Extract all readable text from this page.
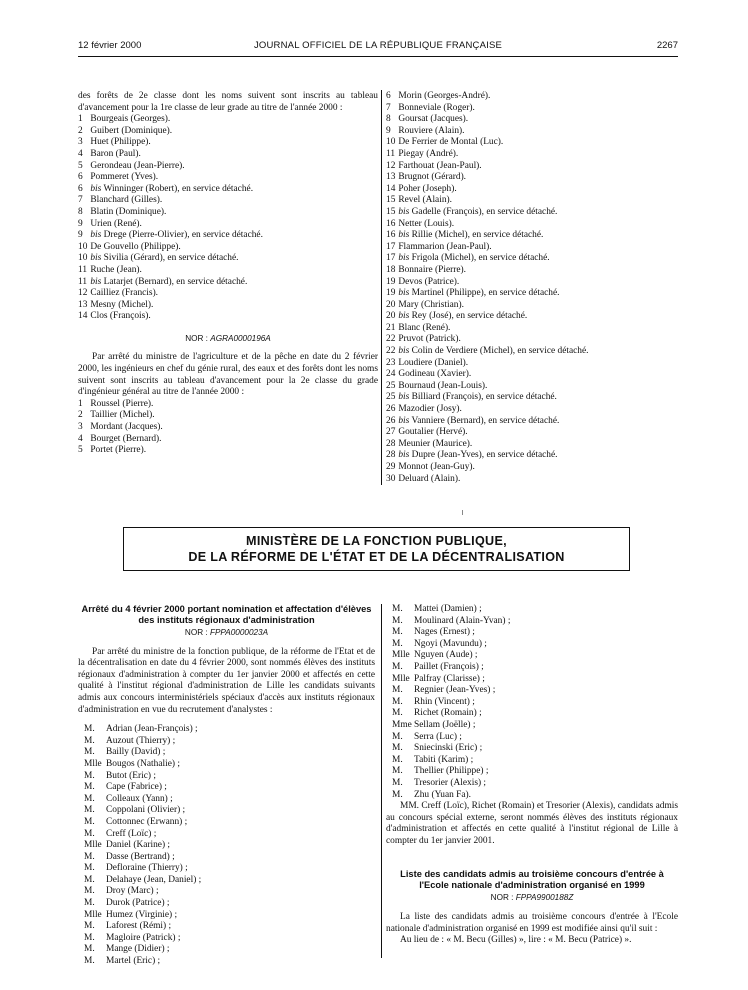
12 février 2000	JOURNAL OFFICIEL DE LA RÉPUBLIQUE FRANÇAISE	2267

des forêts de 2e classe dont les noms suivent sont inscrits au tableau d'avancement pour la 1re classe de leur grade au titre de l'année 2000 :

1 Bourgeais (Georges).
2 Guibert (Dominique).
3 Huet (Philippe).
4 Baron (Paul).
5 Gerondeau (Jean-Pierre).
6 Pommeret (Yves).
6 bis Winninger (Robert), en service détaché.
7 Blanchard (Gilles).
8 Blatin (Dominique).
9 Urien (René).
9 bis Drege (Pierre-Olivier), en service détaché.
10 De Gouvello (Philippe).
10 bis Sivilia (Gérard), en service détaché.
11 Ruche (Jean).
11 bis Latarjet (Bernard), en service détaché.
12 Cailliez (Francis).
13 Mesny (Michel).
14 Clos (François).
NOR : AGRA0000196A

Par arrêté du ministre de l'agriculture et de la pêche en date du 2 février 2000, les ingénieurs en chef du génie rural, des eaux et des forêts dont les noms suivent sont inscrits au tableau d'avancement pour la 2e classe du grade d'ingénieur général au titre de l'année 2000 :

1 Roussel (Pierre).
2 Taillier (Michel).
3 Mordant (Jacques).
4 Bourget (Bernard).
5 Portet (Pierre).
6 Morin (Georges-André).
7 Bonneviale (Roger).
8 Goursat (Jacques).
9 Rouviere (Alain).
10 De Ferrier de Montal (Luc).
11 Piegay (André).
12 Farthouat (Jean-Paul).
13 Brugnot (Gérard).
14 Poher (Joseph).
15 Revel (Alain).
15 bis Gadelle (François), en service détaché.
16 Netter (Louis).
16 bis Rillie (Michel), en service détaché.
17 Flammarion (Jean-Paul).
17 bis Frigola (Michel), en service détaché.
18 Bonnaire (Pierre).
19 Devos (Patrice).
19 bis Martinel (Philippe), en service détaché.
20 Mary (Christian).
20 bis Rey (José), en service détaché.
21 Blanc (René).
22 Pruvot (Patrick).
22 bis Colin de Verdiere (Michel), en service détaché.
23 Loudiere (Daniel).
24 Godineau (Xavier).
25 Bournaud (Jean-Louis).
25 bis Billiard (François), en service détaché.
26 Mazodier (Josy).
26 bis Vanniere (Bernard), en service détaché.
27 Goutalier (Hervé).
28 Meunier (Maurice).
28 bis Dupre (Jean-Yves), en service détaché.
29 Monnot (Jean-Guy).
30 Deluard (Alain).
MINISTÈRE DE LA FONCTION PUBLIQUE,
DE LA RÉFORME DE L'ÉTAT ET DE LA DÉCENTRALISATION
Arrêté du 4 février 2000 portant nomination et affectation d'élèves des instituts régionaux d'administration
NOR : FPPA0000023A

Par arrêté du ministre de la fonction publique, de la réforme de l'Etat et de la décentralisation en date du 4 février 2000, sont nommés élèves des instituts régionaux d'administration à compter du 1er janvier 2000 et affectés en cette qualité à l'institut régional d'administration de Lille les candidats suivants admis aux concours interministériels spéciaux d'accès aux instituts régionaux d'administration en vue du recrutement d'analystes :

M. Adrian (Jean-François) ;
M. Auzout (Thierry) ;
M. Bailly (David) ;
Mlle Bougos (Nathalie) ;
M. Butot (Eric) ;
M. Cape (Fabrice) ;
M. Colleaux (Yann) ;
M. Coppolani (Olivier) ;
M. Cottonnec (Erwann) ;
M. Creff (Loïc) ;
Mlle Daniel (Karine) ;
M. Dasse (Bertrand) ;
M. Defloraine (Thierry) ;
M. Delahaye (Jean, Daniel) ;
M. Droy (Marc) ;
M. Durok (Patrice) ;
Mlle Humez (Virginie) ;
M. Laforest (Rémi) ;
M. Magloire (Patrick) ;
M. Mange (Didier) ;
M. Martel (Eric) ;
M. Mattei (Damien) ;
M. Moulinard (Alain-Yvan) ;
M. Nages (Ernest) ;
M. Ngoyi (Mavundu) ;
Mlle Nguyen (Aude) ;
M. Paillet (François) ;
Mlle Palfray (Clarisse) ;
M. Regnier (Jean-Yves) ;
M. Rhin (Vincent) ;
M. Richet (Romain) ;
Mme Sellam (Joëlle) ;
M. Serra (Luc) ;
M. Sniecinski (Eric) ;
M. Tabiti (Karim) ;
M. Thellier (Philippe) ;
M. Tresorier (Alexis) ;
M. Zhu (Yuan Fa).

MM. Creff (Loïc), Richet (Romain) et Tresorier (Alexis), candidats admis au concours spécial externe, seront nommés élèves des instituts régionaux d'administration et affectés en cette qualité à l'institut régional de Lille à compter du 1er janvier 2001.

Liste des candidats admis au troisième concours d'entrée à l'Ecole nationale d'administration organisé en 1999
NOR : FPPA9900188Z

La liste des candidats admis au troisième concours d'entrée à l'Ecole nationale d'administration organisé en 1999 est modifiée ainsi qu'il suit :

Au lieu de : « M. Becu (Gilles) », lire : « M. Becu (Patrice) ».
